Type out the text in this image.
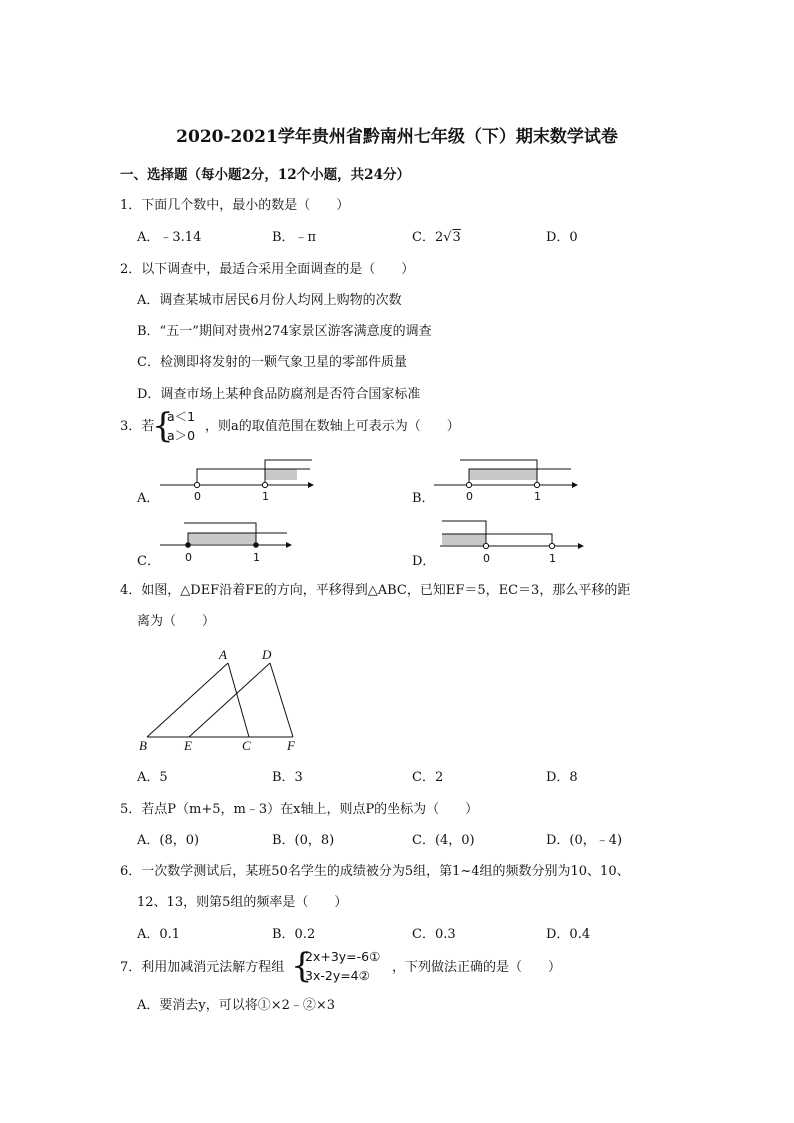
2020-2021学年贵州省黔南州七年级（下）期末数学试卷
一、选择题（每小题2分，12个小题，共24分）
1．下面几个数中，最小的数是（　　）
A．﹣3.14	B．﹣π	C．2√3	D．0
2．以下调查中，最适合采用全面调查的是（　　）
A．调查某城市居民6月份人均网上购物的次数
B．“五一”期间对贵州274家景区游客满意度的调查
C．检测即将发射的一颗气象卫星的零部件质量
D．调查市场上某种食品防腐剂是否符合国家标准
3．若
{
a＜1
a＞0
，则a的取值范围在数轴上可表示为（　　）
A．	0	1	B．	0	1
C． 0	1	D．	0	1
4．如图，△DEF沿着FE的方向，平移得到△ABC，已知EF＝5，EC＝3，那么平移的距
离为（　　）
A	D
B	E	C	F
A．5	B．3	C．2	D．8
5．若点P（m+5，m﹣3）在x轴上，则点P的坐标为（　　）
A．(8，0)	B．(0，8)	C．(4，0)	D．(0，﹣4)
6．一次数学测试后，某班50名学生的成绩被分为5组，第1~4组的频数分别为10、10、
12、13，则第5组的频率是（　　）
A．0.1	B．0.2	C．0.3	D．0.4
7．利用加减消元法解方程组 {
2x+3y=-6①
3x-2y=4②
，下列做法正确的是（　　）
A．要消去y，可以将①×2﹣②×3
